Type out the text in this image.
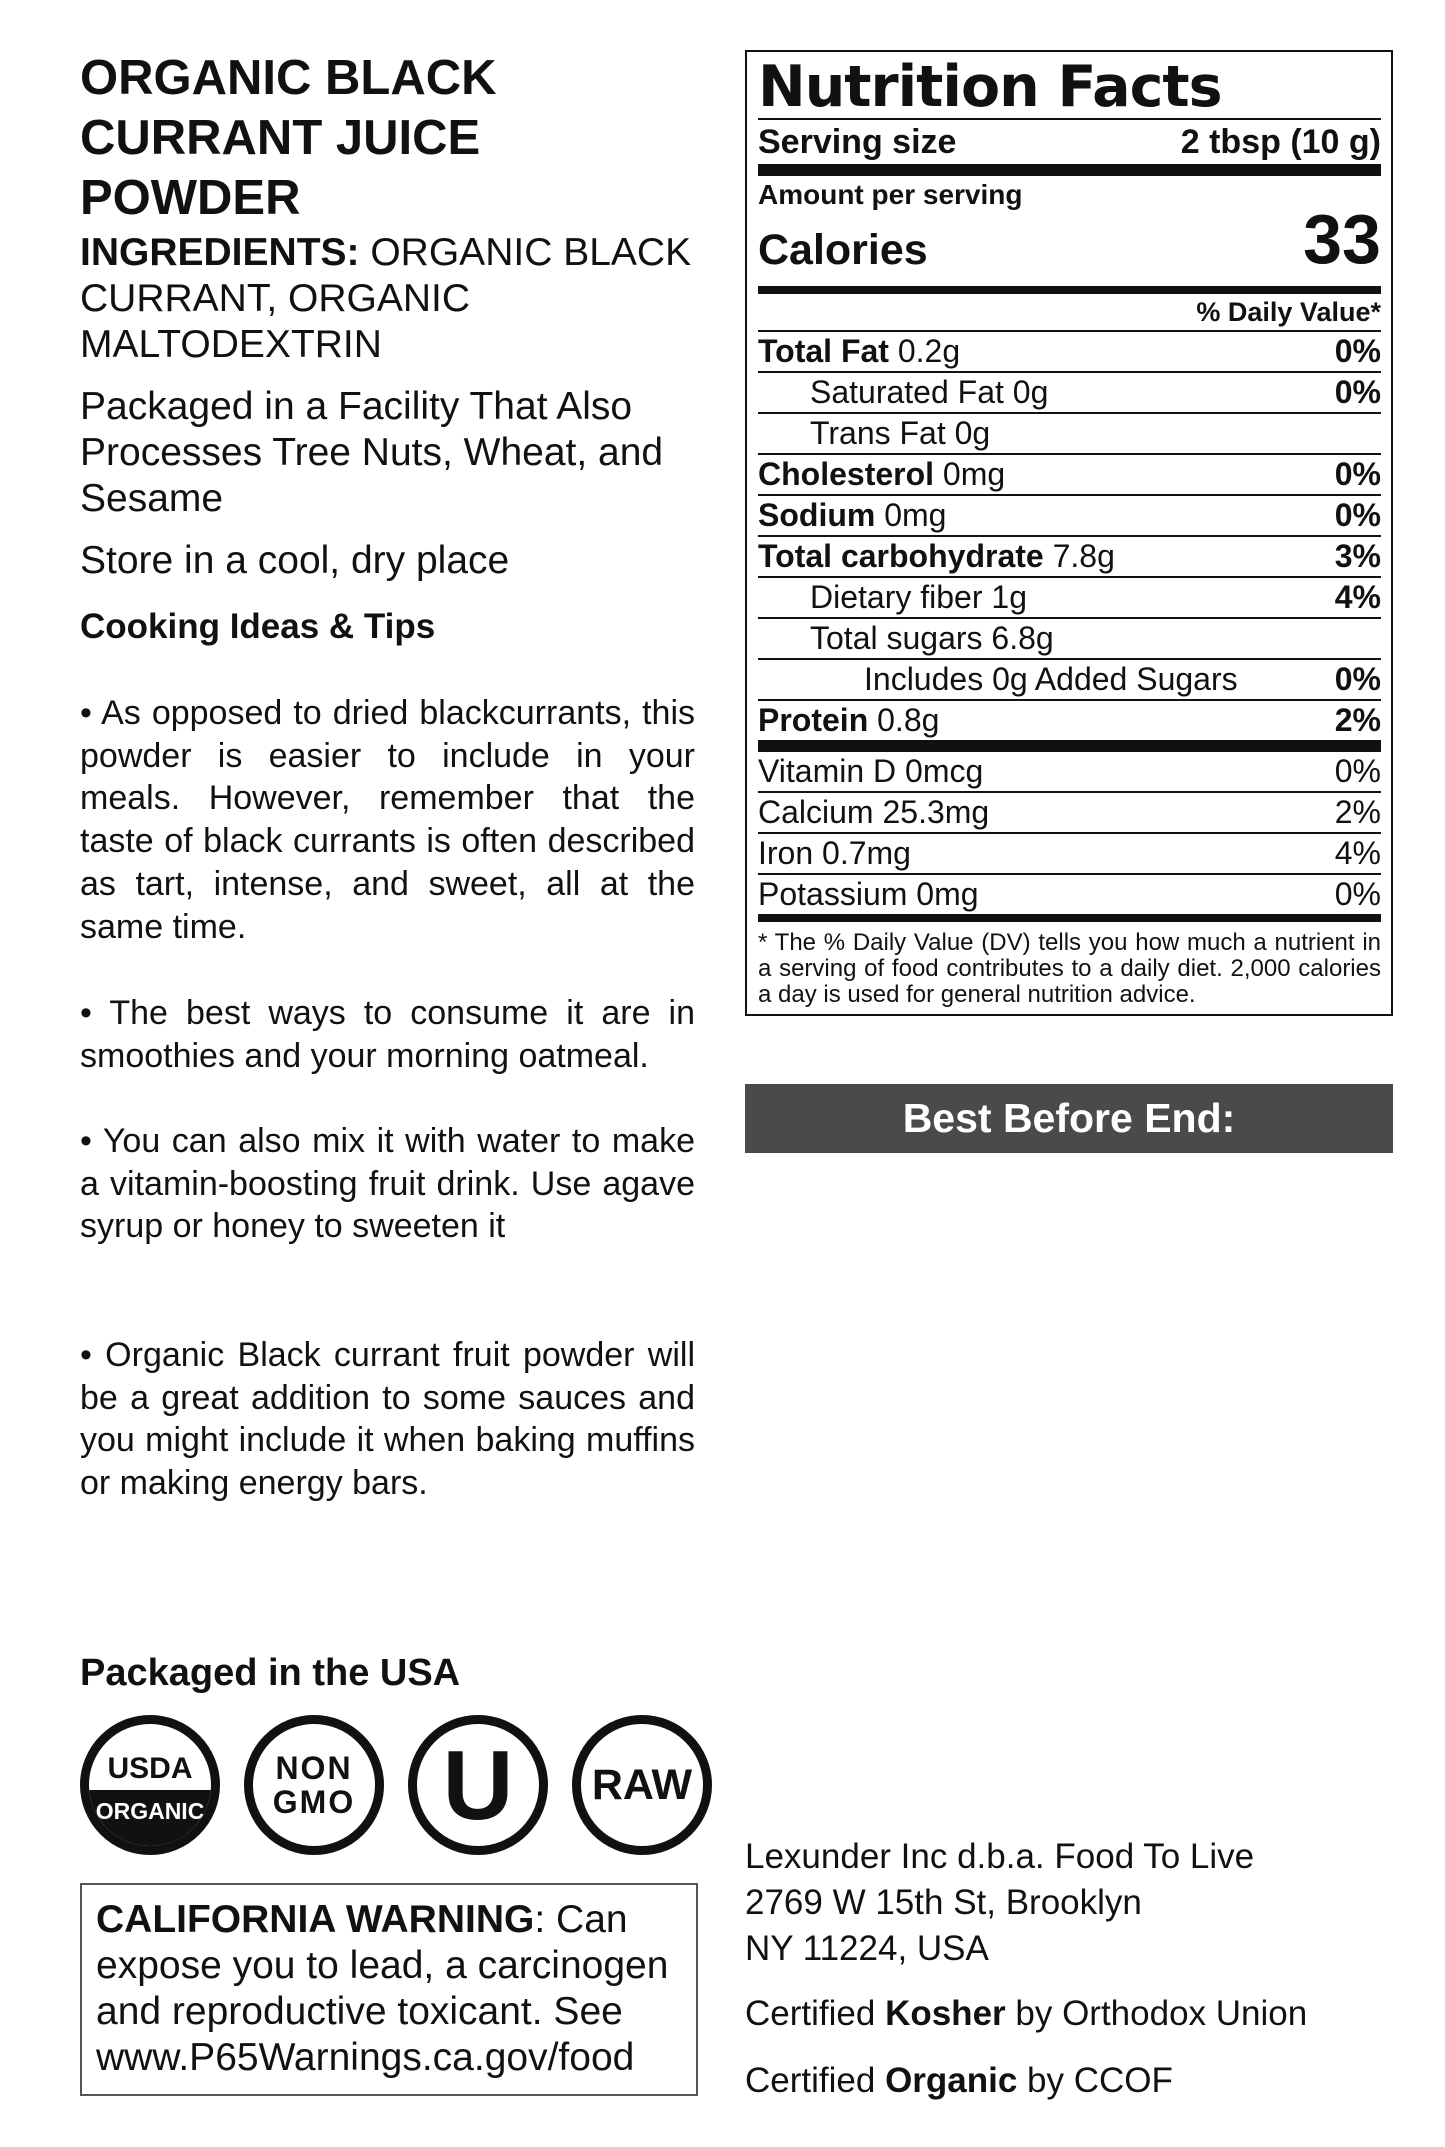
ORGANIC BLACK CURRANT JUICE POWDER
INGREDIENTS: ORGANIC BLACK CURRANT, ORGANIC MALTODEXTRIN
Packaged in a Facility That Also Processes Tree Nuts, Wheat, and Sesame
Store in a cool, dry place
Cooking Ideas & Tips
• As opposed to dried blackcurrants, this powder is easier to include in your meals. However, remember that the taste of black currants is often described as tart, intense, and sweet, all at the same time.
• The best ways to consume it are in smoothies and your morning oatmeal.
• You can also mix it with water to make a vitamin-boosting fruit drink. Use agave syrup or honey to sweeten it
• Organic Black currant fruit powder will be a great addition to some sauces and you might include it when baking muffins or making energy bars.
Packaged in the USA
USDA
ORGANIC
NON
GMO U RAW
CALIFORNIA WARNING: Can expose you to lead, a carcinogen and reproductive toxicant. See www.P65Warnings.ca.gov/food
Nutrition Facts
Serving size	2 tbsp (10 g)
Amount per serving
Calories	33
% Daily Value*
Total Fat 0.2g	0%
Saturated Fat 0g	0%
Trans Fat 0g
Cholesterol 0mg	0%
Sodium 0mg	0%
Total carbohydrate 7.8g	3%
Dietary fiber 1g	4%
Total sugars 6.8g
Includes 0g Added Sugars	0%
Protein 0.8g	2%
Vitamin D 0mcg	0%
Calcium 25.3mg	2%
Iron 0.7mg	4%
Potassium 0mg	0%
* The % Daily Value (DV) tells you how much a nutrient in a serving of food contributes to a daily diet. 2,000 calories a day is used for general nutrition advice.
Best Before End:
Lexunder Inc d.b.a. Food To Live
2769 W 15th St, Brooklyn
NY 11224, USA
Certified Kosher by Orthodox Union
Certified Organic by CCOF
